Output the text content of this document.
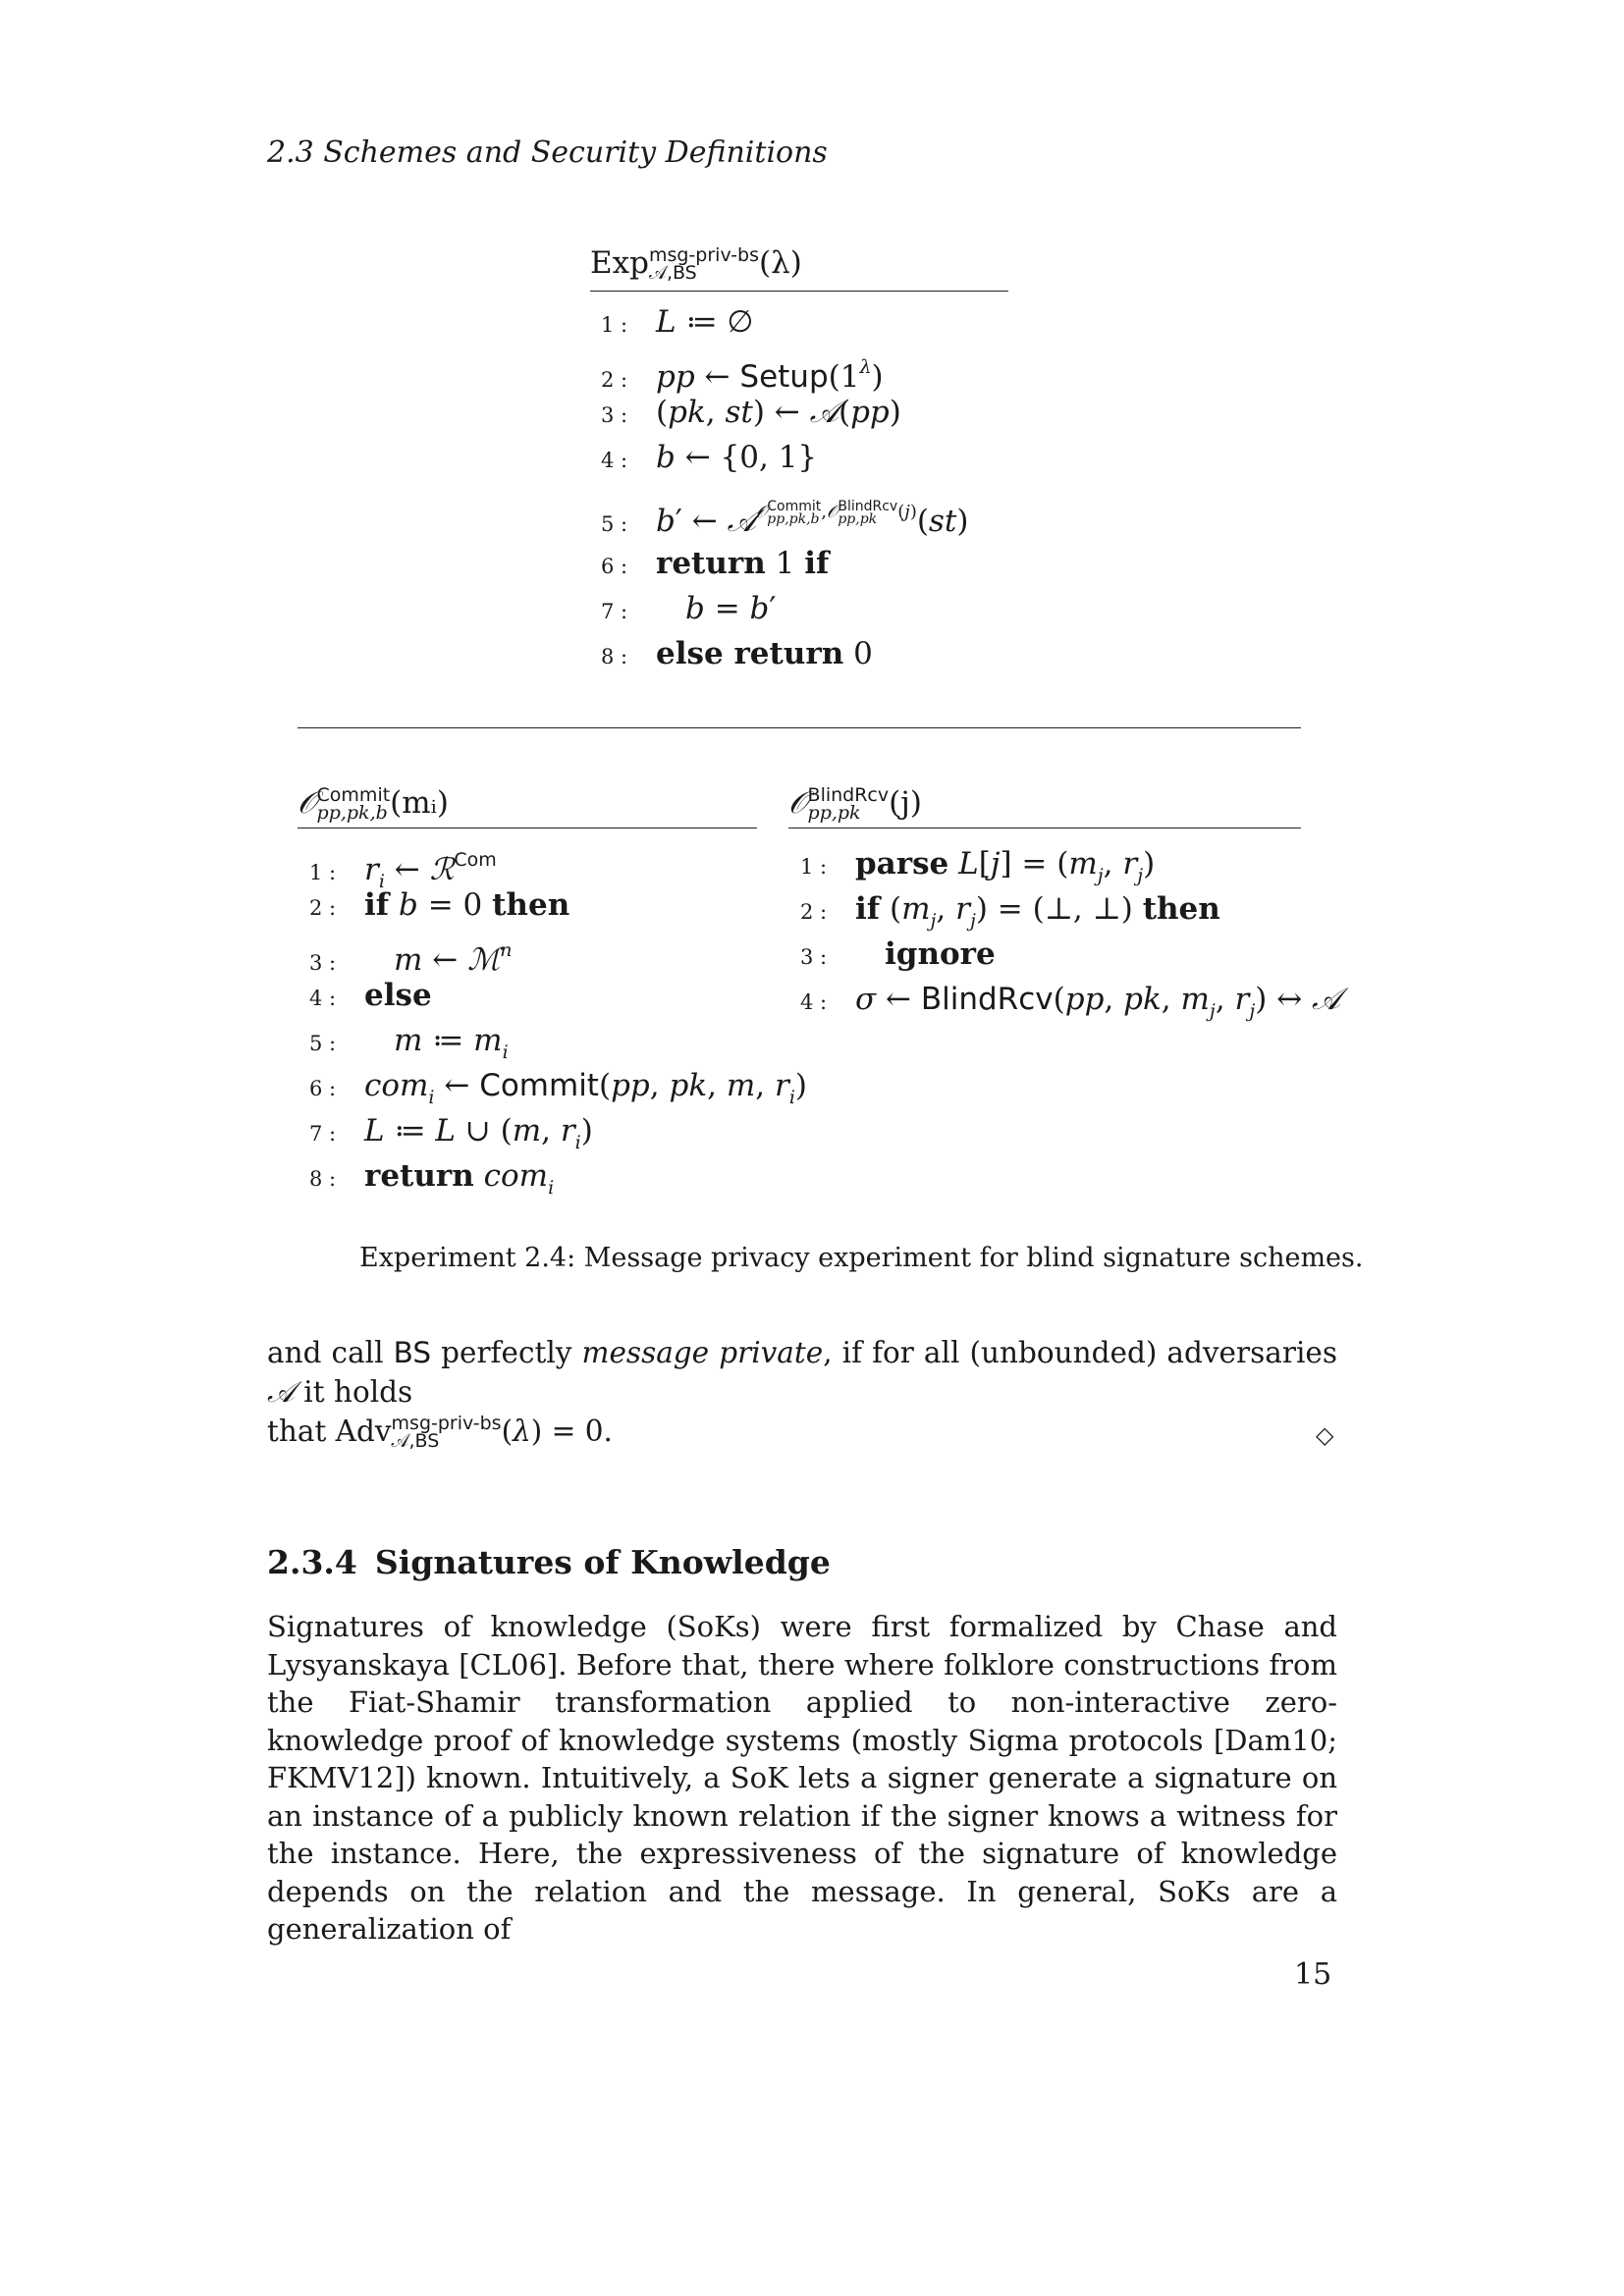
2.3 Schemes and Security Definitions
Exp msg-priv-bs
𝒜,BS	(λ)
1 : L ≔ ∅
2 : pp ← $Setup(1^\lambda)$
3 : (pk, st) ← 𝒜(pp)
4 : b ← {0, 1}
5 : b′ ← 𝒜$^{𝒪 Commit pp,pk,b ,𝒪 BlindRcv pp,pk (j)}$(st)
6 : return 1 if
7 : b = b′
8 : else return 0
𝒪 Commit
pp,pk,b (mᵢ)
1 : $r_i$ ← ℛ$^{Com}$
2 : if b = 0 then
3 : m ← ℳ$^n$
4 : else
5 : m ≔ $m_i$
6 : com$_i$ ← Commit(pp, pk, m, $r_i$)
7 : L ≔ L ∪ (m, $r_i$)
8 : return com$_i$
𝒪 BlindRcv
pp,pk (j)
1 : parse $L[j] = (m_j$, $r_j$)
2 : if ($m_j$, $r_j$) = (⊥, ⊥) then
3 : ignore
4 : σ ← BlindRcv(pp, pk, $m_j$, $r_j$) ↔ 𝒜
Experiment 2.4: Message privacy experiment for blind signature schemes.

and call BS perfectly message private, if for all (unbounded) adversaries 𝒜 it holds

that Adv msg-priv-bs
𝒜,BS	(λ) = 0.	◇
2.3.4 Signatures of Knowledge

Signatures of knowledge (SoKs) were first formalized by Chase and Lysyanskaya [CL06]. Before that, there where folklore constructions from the Fiat-Shamir transformation applied to non-interactive zero-knowledge proof of knowledge systems (mostly Sigma protocols [Dam10; FKMV12]) known. Intuitively, a SoK lets a signer generate a signature on an instance of a publicly known relation if the signer knows a witness for the instance. Here, the expressiveness of the signature of knowledge depends on the relation and the message. In general, SoKs are a generalization of

15
